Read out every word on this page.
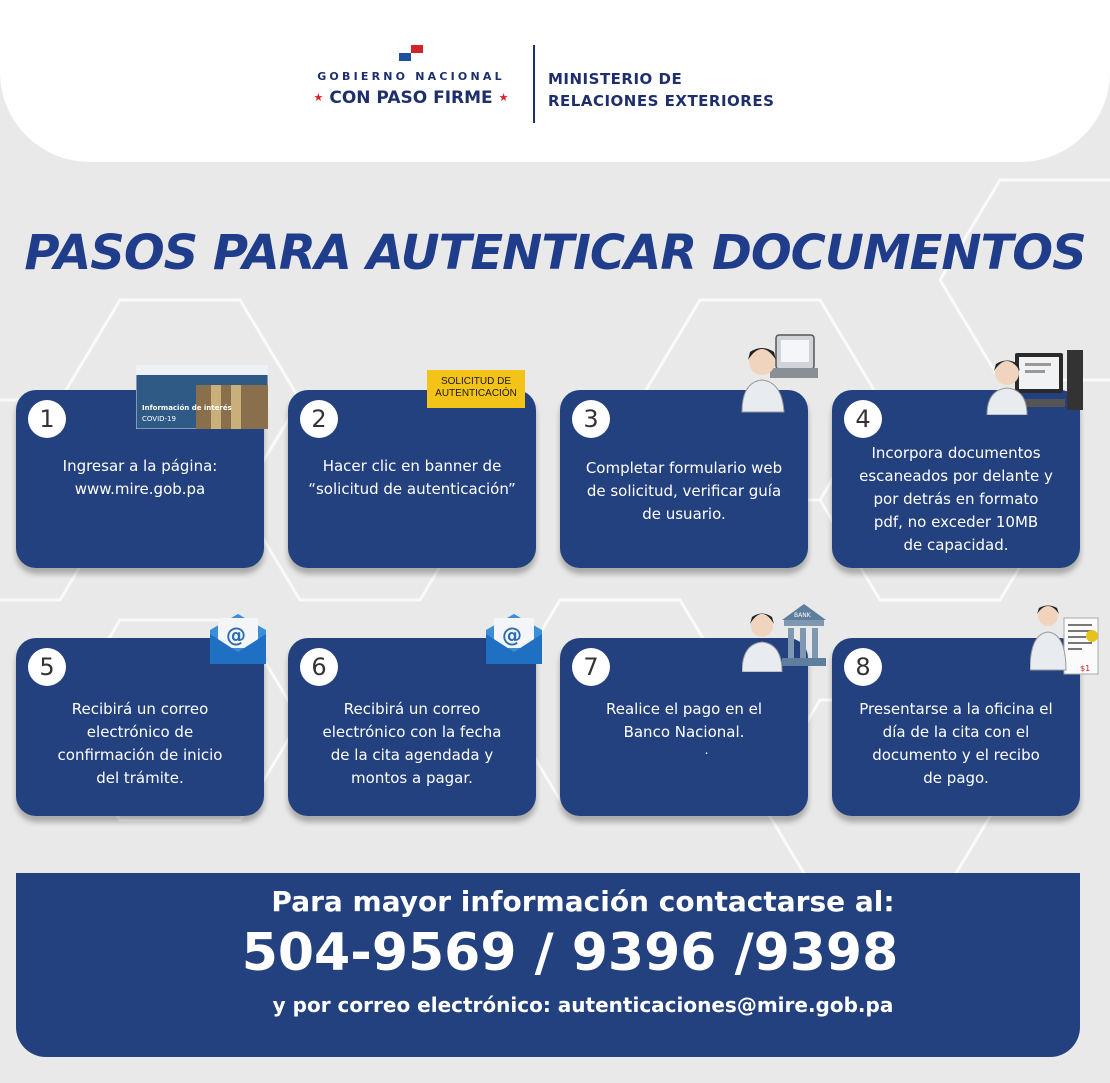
GOBIERNO NACIONAL
★ CON PASO FIRME ★
MINISTERIO DE
RELACIONES EXTERIORES
PASOS PARA AUTENTICAR DOCUMENTOS
1
Ingresar a la página:
www.mire.gob.pa
2
Hacer clic en banner de
“solicitud de autenticación”
3
Completar formulario web
de solicitud, verificar guía
de usuario.
4
Incorpora documentos
escaneados por delante y
por detrás en formato
pdf, no exceder 10MB
de capacidad.
5
Recibirá un correo
electrónico de
confirmación de inicio
del trámite.
6
Recibirá un correo
electrónico con la fecha
de la cita agendada y
montos a pagar.
7
Realice el pago en el
Banco Nacional.
.
8
Presentarse a la oficina el
día de la cita con el
documento y el recibo
de pago.
Información de interés
COVID-19
SOLICITUD DE
AUTENTICACIÓN
@	@
BANK
$1
Para mayor información contactarse al:
504-9569 / 9396 /9398
y por correo electrónico: autenticaciones@mire.gob.pa
